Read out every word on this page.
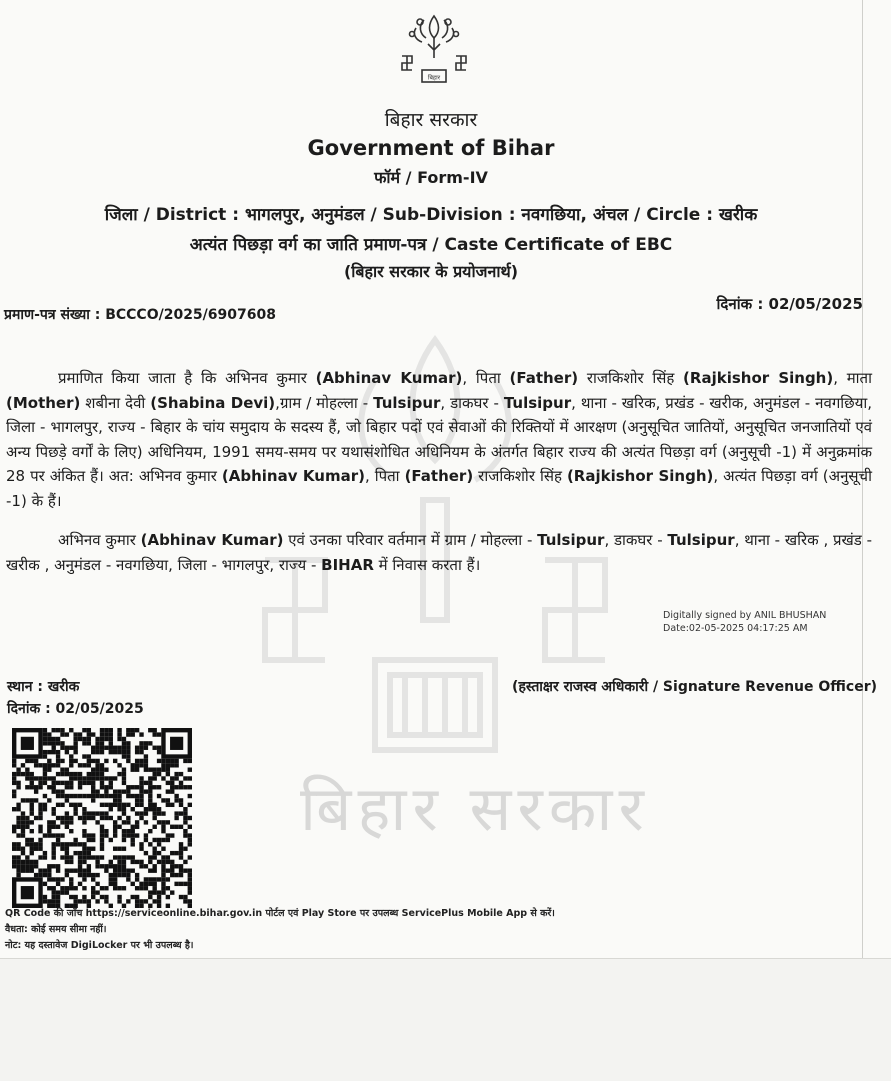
बिहार सरकार
बिहार
बिहार सरकार
Government of Bihar
फॉर्म / Form-IV
जिला / District : भागलपुर, अनुमंडल / Sub-Division : नवगछिया, अंचल / Circle : खरीक
अत्यंत पिछड़ा वर्ग का जाति प्रमाण-पत्र / Caste Certificate of EBC
(बिहार सरकार के प्रयोजनार्थ)
प्रमाण-पत्र संख्या : BCCCO/2025/6907608
दिनांक : 02/05/2025
प्रमाणित किया जाता है कि अभिनव कुमार (Abhinav Kumar), पिता (Father) राजकिशोर सिंह (Rajkishor Singh), माता (Mother) शबीना देवी (Shabina Devi),ग्राम / मोहल्ला - Tulsipur, डाकघर - Tulsipur, थाना - खरिक, प्रखंड - खरीक, अनुमंडल - नवगछिया, जिला - भागलपुर, राज्य - बिहार के चांय समुदाय के सदस्य हैं, जो बिहार पदों एवं सेवाओं की रिक्तियों में आरक्षण (अनुसूचित जातियों, अनुसूचित जनजातियों एवं अन्य पिछड़े वर्गों के लिए) अधिनियम, 1991 समय-समय पर यथासंशोधित अधिनियम के अंतर्गत बिहार राज्य की अत्यंत पिछड़ा वर्ग (अनुसूची -1) में अनुक्रमांक 28 पर अंकित हैं। अत: अभिनव कुमार (Abhinav Kumar), पिता (Father) राजकिशोर सिंह (Rajkishor Singh), अत्यंत पिछड़ा वर्ग (अनुसूची -1) के हैं।
अभिनव कुमार (Abhinav Kumar) एवं उनका परिवार वर्तमान में ग्राम / मोहल्ला - Tulsipur, डाकघर - Tulsipur, थाना - खरिक , प्रखंड - खरीक , अनुमंडल - नवगछिया, जिला - भागलपुर, राज्य - BIHAR में निवास करता हैं।
Digitally signed by ANIL BHUSHAN
Date:02-05-2025 04:17:25 AM
स्थान : खरीक
दिनांक : 02/05/2025
(हस्ताक्षर राजस्व अधिकारी / Signature Revenue Officer)
QR Code की जाँच https://serviceonline.bihar.gov.in पोर्टल एवं Play Store पर उपलब्ध ServicePlus Mobile App से करें।
वैधता: कोई समय सीमा नहीं।
नोट: यह दस्तावेज DigiLocker पर भी उपलब्ध है।
